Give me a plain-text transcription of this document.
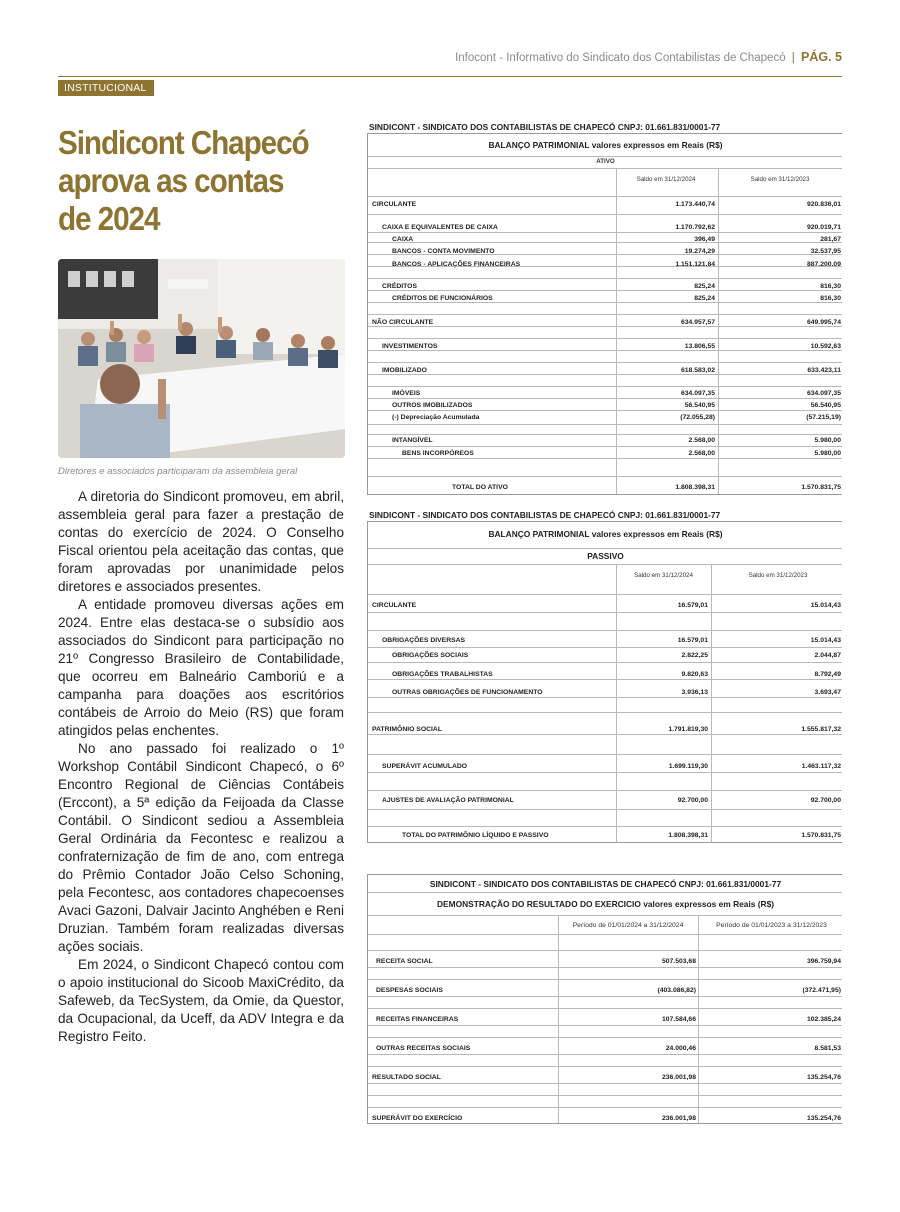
Infocont - Informativo do Sindicato dos Contabilistas de Chapecó | PÁG. 5
INSTITUCIONAL
Sindicont Chapecó aprova as contas de 2024
Diretores e associados participaram da assembleia geral

A diretoria do Sindicont promoveu, em abril, assembleia geral para fazer a prestação de contas do exercício de 2024. O Conselho Fiscal orientou pela aceitação das contas, que foram aprovadas por unanimidade pelos diretores e associados presentes.

A entidade promoveu diversas ações em 2024. Entre elas destaca-se o subsídio aos associados do Sindicont para participação no 21º Congresso Brasileiro de Contabilidade, que ocorreu em Balneário Camboriú e a campanha para doações aos escritórios contábeis de Arroio do Meio (RS) que foram atingidos pelas enchentes.

No ano passado foi realizado o 1º Workshop Contábil Sindicont Chapecó, o 6º Encontro Regional de Ciências Contábeis (Erccont), a 5ª edição da Feijoada da Classe Contábil. O Sindicont sediou a Assembleia Geral Ordinária da Fecontesc e realizou a confraternização de fim de ano, com entrega do Prêmio Contador João Celso Schoning, pela Fecontesc, aos contadores chapecoenses Avaci Gazoni, Dalvair Jacinto Anghében e Reni Druzian. Também foram realizadas diversas ações sociais.

Em 2024, o Sindicont Chapecó contou com o apoio institucional do Sicoob MaxiCrédito, da Safeweb, da TecSystem, da Omie, da Questor, da Ocupacional, da Uceff, da ADV Integra e da Registro Feito.

SINDICONT - SINDICATO DOS CONTABILISTAS DE CHAPECÓ CNPJ: 01.661.831/0001-77
BALANÇO PATRIMONIAL valores expressos em Reais (R$)
ATIVO
Saldo em 31/12/2024	Saldo em 31/12/2023
CIRCULANTE	1.173.440,74	920.836,01
CAIXA E EQUIVALENTES DE CAIXA	1.170.792,62	920.019,71
CAIXA	396,49	281,67
BANCOS - CONTA MOVIMENTO	19.274,29	32.537,95
BANCOS - APLICAÇÕES FINANCEIRAS	1.151.121,84	887.200,09
CRÉDITOS	825,24	816,30
CRÉDITOS DE FUNCIONÁRIOS	825,24	816,30
NÃO CIRCULANTE	634.957,57	649.995,74
INVESTIMENTOS	13.806,55	10.592,63
IMOBILIZADO	618.583,02	633.423,11
IMÓVEIS	634.097,35	634.097,35
OUTROS IMOBILIZADOS	56.540,95	56.540,95
(-) Depreciação Acumulada	(72.055,28)	(57.215,19)
INTANGÍVEL	2.568,00	5.980,00
BENS INCORPÓREOS	2.568,00	5.980,00
TOTAL DO ATIVO	1.808.398,31	1.570.831,75
SINDICONT - SINDICATO DOS CONTABILISTAS DE CHAPECÓ CNPJ: 01.661.831/0001-77
BALANÇO PATRIMONIAL valores expressos em Reais (R$)
PASSIVO
Saldo em 31/12/2024	Saldo em 31/12/2023
CIRCULANTE	16.579,01	15.014,43
OBRIGAÇÕES DIVERSAS	16.579,01	15.014,43
OBRIGAÇÕES SOCIAIS	2.822,25	2.044,87
OBRIGAÇÕES TRABALHISTAS	9.820,63	8.792,49
OUTRAS OBRIGAÇÕES DE FUNCIONAMENTO	3.936,13	3.693,47
PATRIMÔNIO SOCIAL	1.791.819,30	1.555.817,32
SUPERÁVIT ACUMULADO	1.699.119,30	1.463.117,32
AJUSTES DE AVALIAÇÃO PATRIMONIAL	92.700,00	92.700,00
TOTAL DO PATRIMÔNIO LÍQUIDO E PASSIVO	1.808.398,31	1.570.831,75
SINDICONT - SINDICATO DOS CONTABILISTAS DE CHAPECÓ CNPJ: 01.661.831/0001-77
DEMONSTRAÇÃO DO RESULTADO DO EXERCICIO valores expressos em Reais (R$)
Período de 01/01/2024 a 31/12/2024	Período de 01/01/2023 a 31/12/2023
RECEITA SOCIAL	507.503,68	396.759,94
DESPESAS SOCIAIS	(403.086,82)	(372.471,95)
RECEITAS FINANCEIRAS	107.584,66	102.385,24
OUTRAS RECEITAS SOCIAIS	24.000,46	8.581,53
RESULTADO SOCIAL	236.001,98	135.254,76
SUPERÁVIT DO EXERCÍCIO	236.001,98	135.254,76
